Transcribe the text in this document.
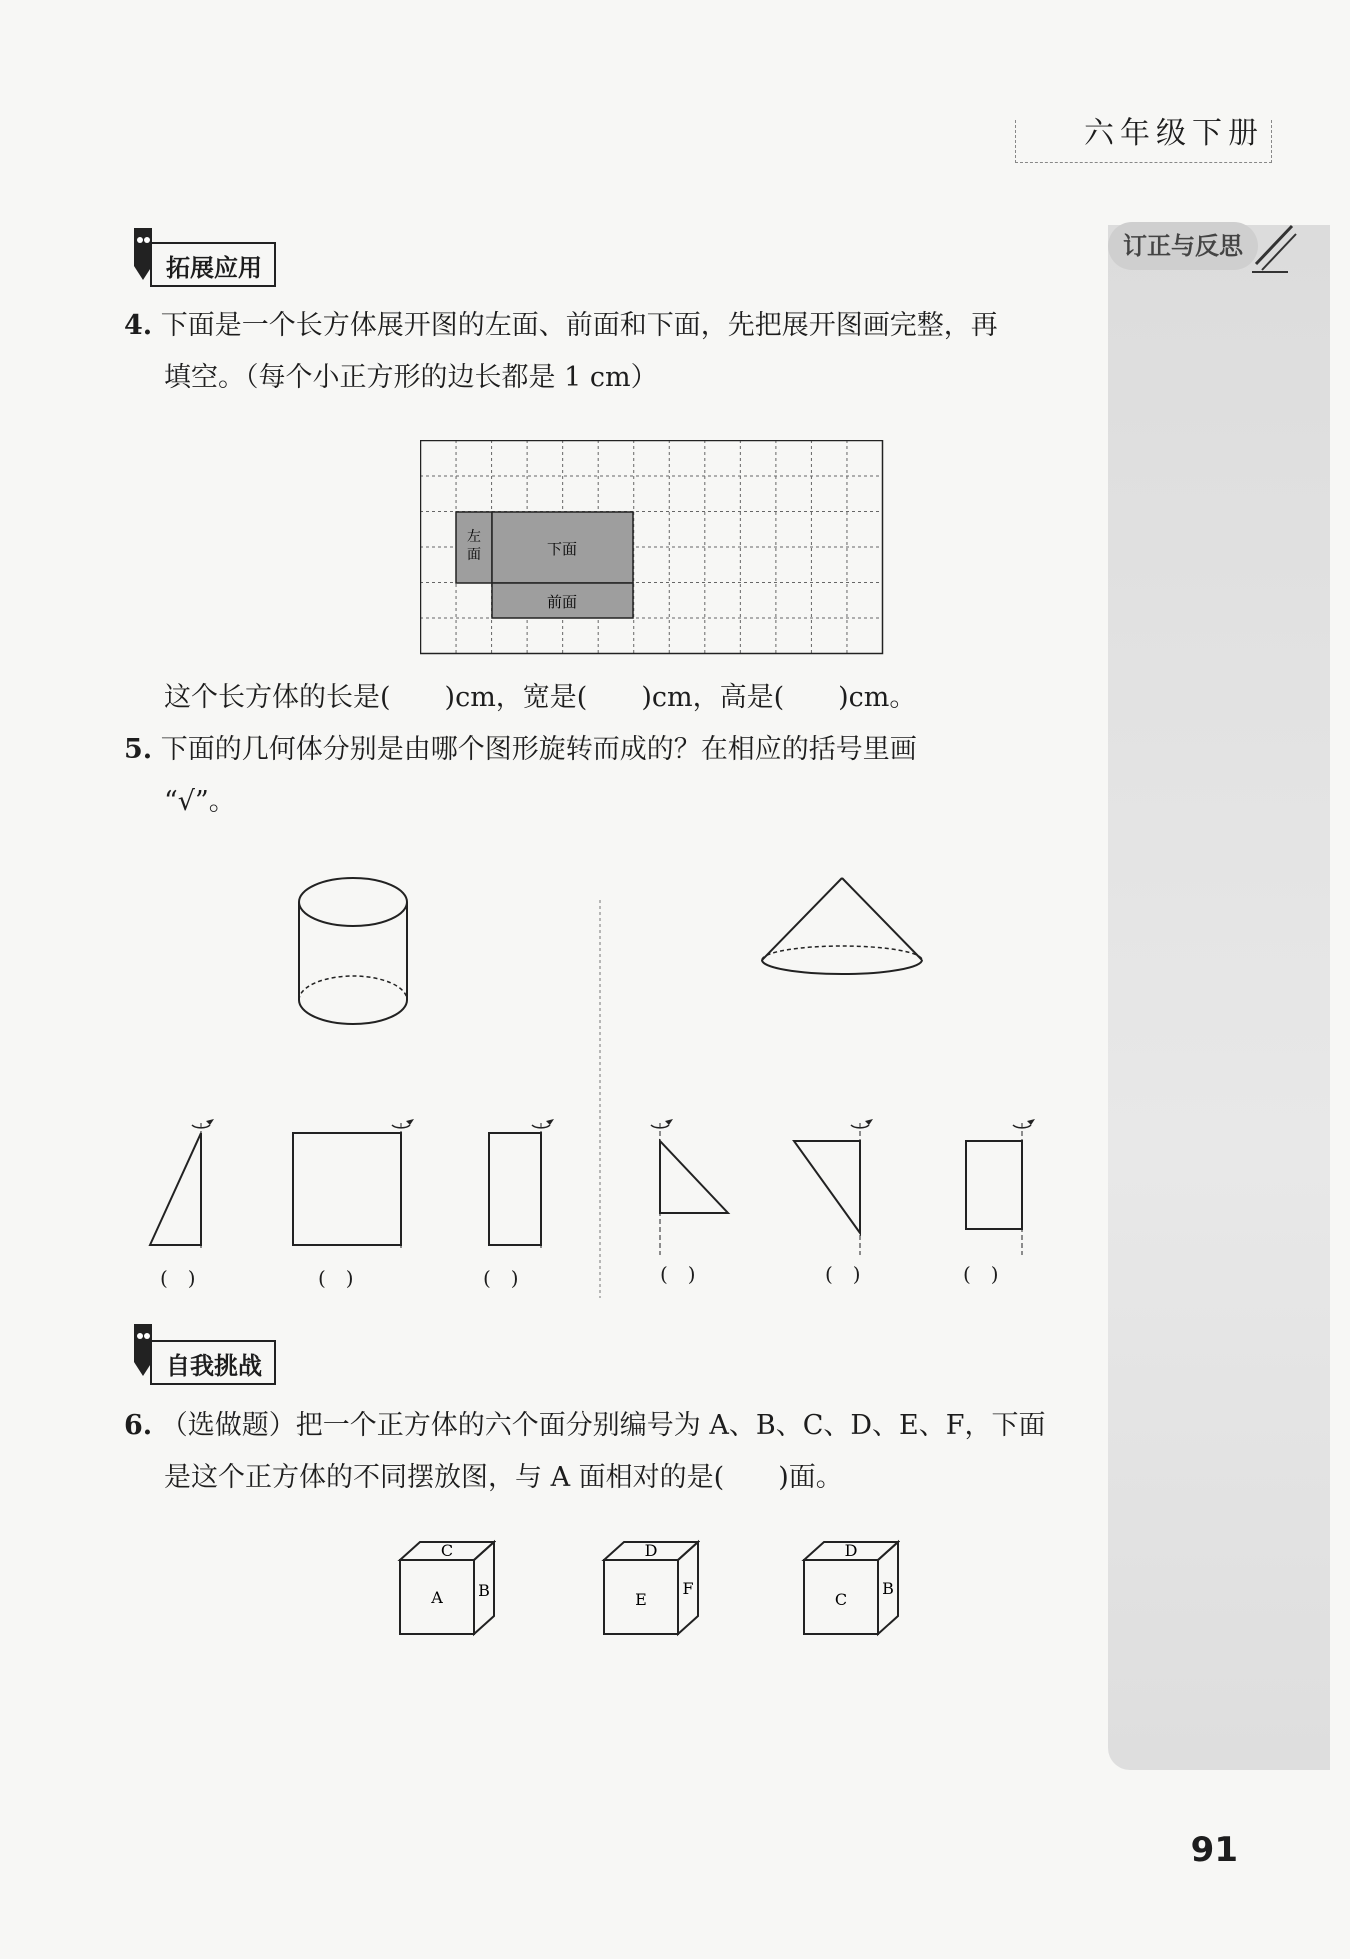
六年级下册
订正与反思
拓展应用
4. 下面是一个长方体展开图的左面、前面和下面，先把展开图画完整，再
填空。（每个小正方形的边长都是 1 cm）
左
面	下面
前面
这个长方体的长是(　　)cm，宽是(　　)cm，高是(　　)cm。
5. 下面的几何体分别是由哪个图形旋转而成的？在相应的括号里画
“√”。
(　)	(　)	(　)	(　)	(　)	(　)
自我挑战
6. （选做题）把一个正方体的六个面分别编号为 A、B、C、D、E、F，下面
是这个正方体的不同摆放图，与 A 面相对的是(　　)面。
C
A B
D
E
F
D
C
B
91
